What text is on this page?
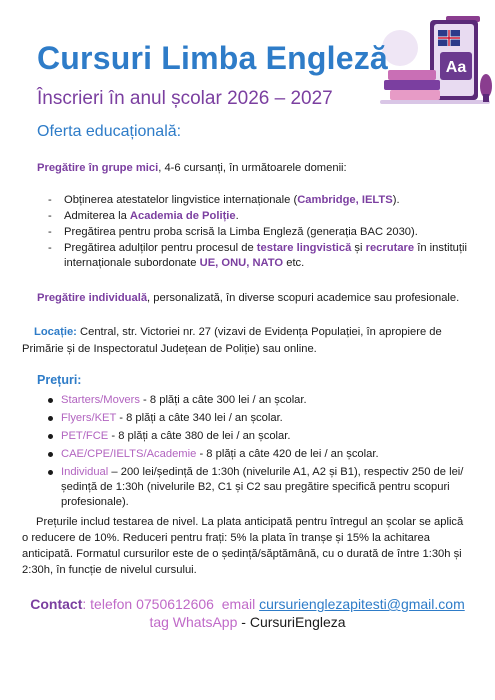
Aa
Cursuri Limba Engleză
Înscrieri în anul școlar 2026 – 2027
Oferta educațională:
Pregătire în grupe mici, 4-6 cursanți, în următoarele domenii:
- Obținerea atestatelor lingvistice internaționale (Cambridge, IELTS).
- Admiterea la Academia de Poliție.
- Pregătirea pentru proba scrisă la Limba Engleză (generația BAC 2030).
- Pregătirea adulților pentru procesul de testare lingvistică și recrutare în instituții internaționale subordonate UE, ONU, NATO etc.
Pregătire individuală, personalizată, în diverse scopuri academice sau profesionale.
Locație: Central, str. Victoriei nr. 27 (vizavi de Evidența Populației, în apropiere de Primărie și de Inspectoratul Județean de Poliție) sau online.
Prețuri:
Starters/Movers - 8 plăți a câte 300 lei / an școlar.
Flyers/KET - 8 plăți a câte 340 lei / an școlar.
PET/FCE - 8 plăți a câte 380 de lei / an școlar.
CAE/CPE/IELTS/Academie - 8 plăți a câte 420 de lei / an școlar.
Individual – 200 lei/ședință de 1:30h (nivelurile A1, A2 și B1), respectiv 250 de lei/ședință de 1:30h (nivelurile B2, C1 și C2 sau pregătire specifică pentru scopuri profesionale).
Prețurile includ testarea de nivel. La plata anticipată pentru întregul an școlar se aplică o reducere de 10%. Reduceri pentru frați: 5% la plata în tranșe și 15% la achitarea anticipată. Formatul cursurilor este de o ședință/săptămână, cu o durată de între 1:30h și 2:30h, în funcție de nivelul cursului.
Contact: telefon 0750612606 email cursurienglezapitesti@gmail.com
tag WhatsApp - CursuriEngleza
